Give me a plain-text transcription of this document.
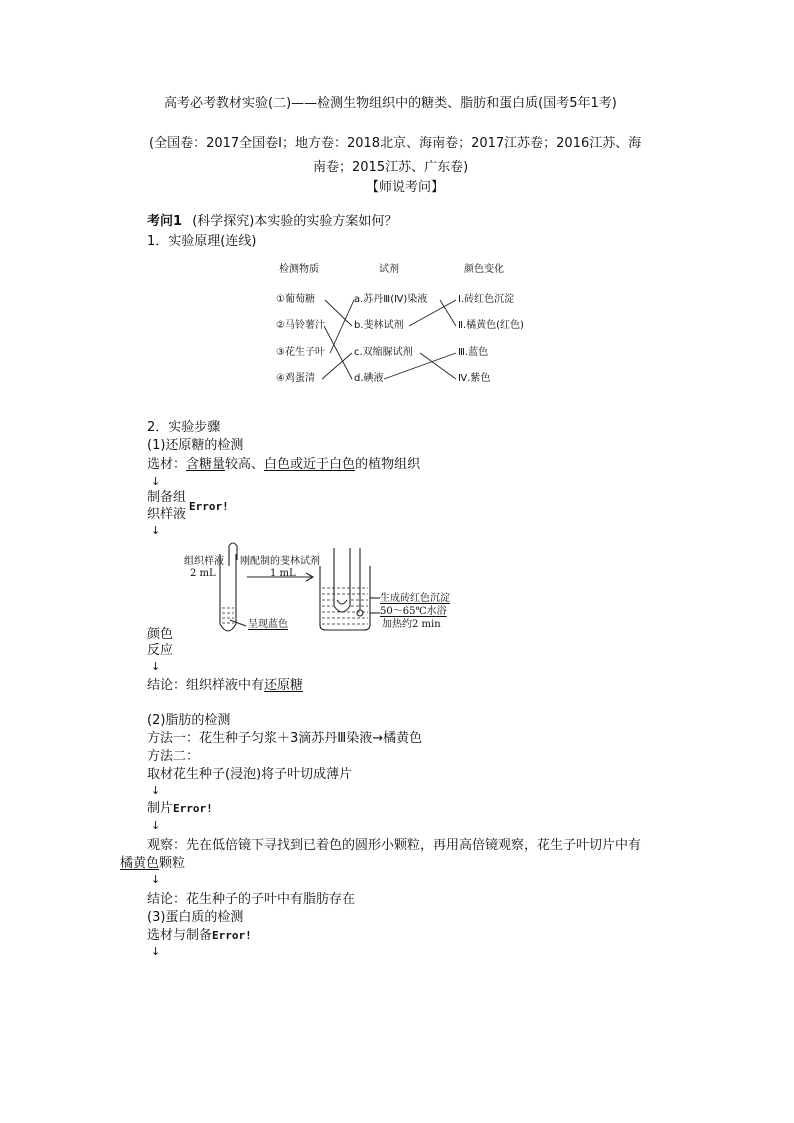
高考必考教材实验(二)——检测生物组织中的糖类、脂肪和蛋白质(国考5年1考)
(全国卷：2017全国卷Ⅰ；地方卷：2018北京、海南卷；2017江苏卷；2016江苏、海
南卷；2015江苏、广东卷)
【师说考问】
考问1 (科学探究)本实验的实验方案如何？
1．实验原理(连线)
检测物质	试剂	颜色变化
①葡萄糖
②马铃薯汁
③花生子叶
④鸡蛋清
a.苏丹Ⅲ(Ⅳ)染液
b.斐林试剂
c.双缩脲试剂
d.碘液
Ⅰ.砖红色沉淀
Ⅱ.橘黄色(红色)
Ⅲ.蓝色
Ⅳ.紫色
2．实验步骤
(1)还原糖的检测
选材：含糖量较高、白色或近于白色的植物组织
↓
制备组
织样液
Error!
↓
组织样液
2 mL
刚配制的斐林试剂
1 mL
呈现蓝色
生成砖红色沉淀
50～65℃水浴
加热约2 min
颜色
反应
↓
结论：组织样液中有还原糖
(2)脂肪的检测
方法一：花生种子匀浆＋3滴苏丹Ⅲ染液→橘黄色
方法二：
取材花生种子(浸泡)将子叶切成薄片
↓
制片Error!
↓
观察：先在低倍镜下寻找到已着色的圆形小颗粒，再用高倍镜观察，花生子叶切片中有
橘黄色颗粒
↓
结论：花生种子的子叶中有脂肪存在
(3)蛋白质的检测
选材与制备Error!
↓
